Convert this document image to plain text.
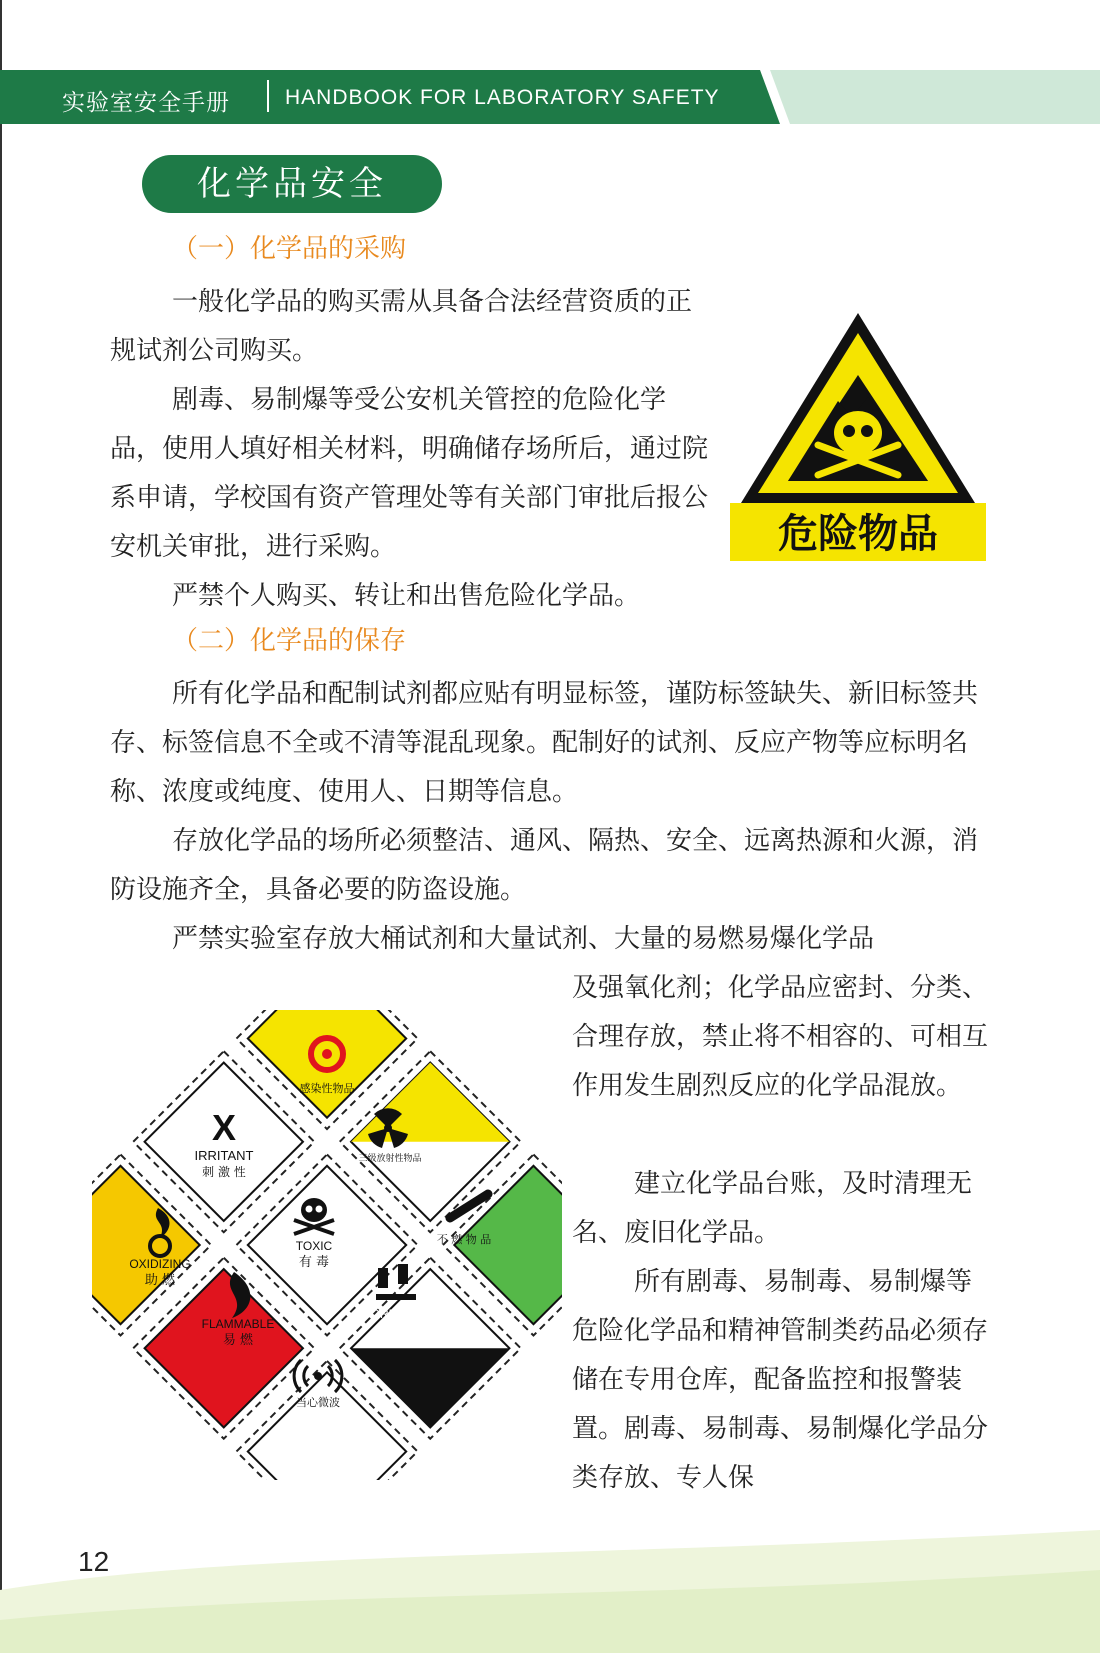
实验室安全手册	HANDBOOK FOR LABORATORY SAFETY
化学品安全
（一）化学品的采购

一般化学品的购买需从具备合法经营资质的正规试剂公司购买。

剧毒、易制爆等受公安机关管控的危险化学品，使用人填好相关材料，明确储存场所后，通过院系申请，学校国有资产管理处等有关部门审批后报公安机关审批，进行采购。

严禁个人购买、转让和出售危险化学品。

危险物品
（二）化学品的保存

所有化学品和配制试剂都应贴有明显标签，谨防标签缺失、新旧标签共存、标签信息不全或不清等混乱现象。配制好的试剂、反应产物等应标明名称、浓度或纯度、使用人、日期等信息。

存放化学品的场所必须整洁、通风、隔热、安全、远离热源和火源，消防设施齐全，具备必要的防盗设施。

严禁实验室存放大桶试剂和大量试剂、大量的易燃易爆化学品

及强氧化剂；化学品应密封、分类、合理存放，禁止将不相容的、可相互作用发生剧烈反应的化学品混放。

建立化学品台账，及时清理无名、废旧化学品。

所有剧毒、易制毒、易制爆等危险化学品和精神管制类药品必须存储在专用仓库，配备监控和报警装置。剧毒、易制毒、易制爆化学品分类存放、专人保

感染性物品
X
IRRITANT
刺 激 性
三级放射性物品
OXIDIZING
助 燃
TOXIC
有 毒
不 燃 物 品
FLAMMABLE
易 燃
CORROSIVE
腐 蚀 性
当心微波
12
